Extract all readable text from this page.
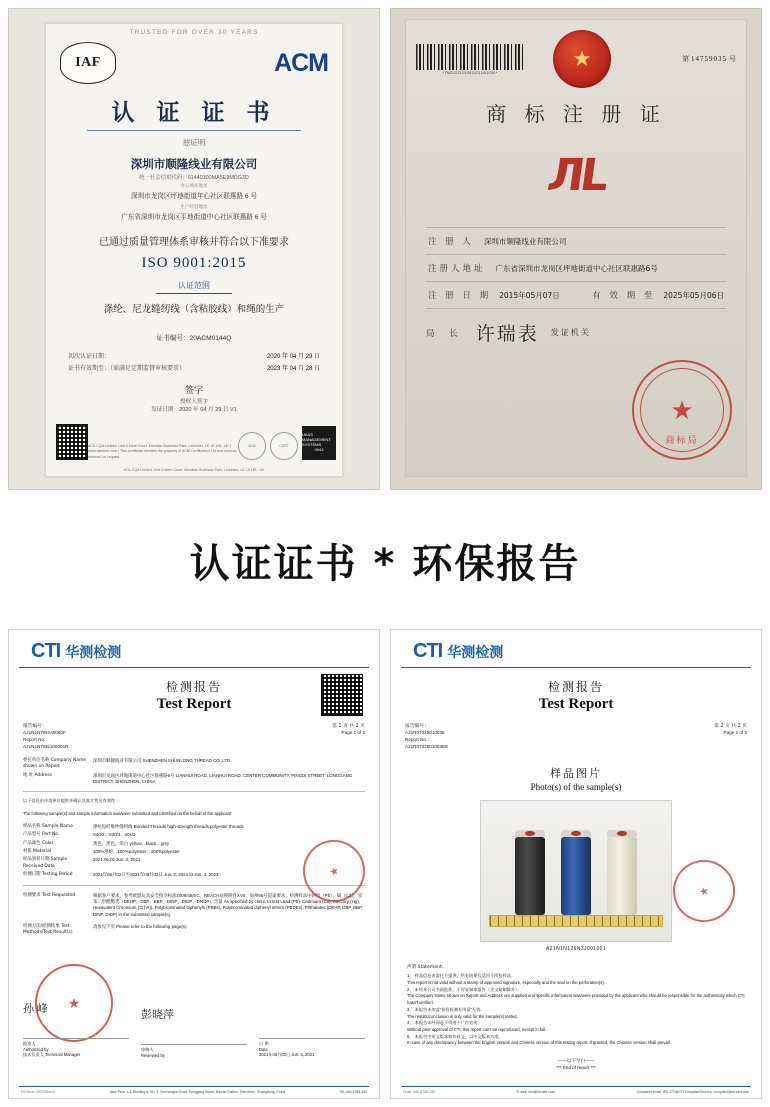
TRUSTED FOR OVER 30 YEARS
IAF	ACM
认 证 证 书
兹证明
深圳市顺隆线业有限公司
统一社会信用代码：91440300MA5E9MDG3D
办公场所地址
深圳市龙岗区坪地街道年心社区联惠路 6 号
生产经营地址
广东省深圳市龙岗区平地街道中心社区联惠路 6 号
已通过质量管理体系审核并符合以下准要求
ISO 9001:2015
认证范围
涤纶、尼龙缝纫线（含粘胶线）和绳的生产
证书编号：20ACM0144Q
初次认证日期：	2020 年 04 月 29 日
证书有效期至：（需满足定期监督审核要求）	2023 年 04 月 28 日
签字
授权人签字
发证日期：2020 年 04 月 29 日 V1
eCA-CQA Limited, Unit 5 Mere Court, Meridian Business Park, Leicester, LE 19 1RL, UK | www.acmcert.com | This certificate remains the property of ACM Certification Ltd and must be returned on request.
ACM	CERT
UKAS MANAGEMENT SYSTEMS
0043
eCA-CQA Limited, Unit 5 Mere Court, Meridian Business Park, Leicester, LE 19 1RL, UK
*TM20211250932011B1000*
★	第 14759035 号
商 标 注 册 证
ЛL
注 册 人 深圳市顺隆线业有限公司
注册人地址 广东省深圳市龙岗区坪地街道中心社区联惠路6号
注 册 日 期 2015年05月07日	有 效 期 至 2025年05月06日
局 长 许瑞表 发证机关
★
商标局
认证证书 * 环保报告
CTI 华测检测
检测报告
Test Report
报告编号：
A21N1N7IB4A0060F
Report No.：
A21N1N7IB5100001R
第 1 页 共 2 页
Page 1 of 2
委托单位名称 Company Name shown on Report
深圳市顺隆线业有限公司 SHENZHEN SHUNLONG THREAD CO.,LTD
地 址 Address	深圳市龙岗区坪地街道中心社区联惠路6号 LIANHUI ROAD, LIANHUI ROAD, CENTER COMMUNITY, PINGDI STREET, LONGGANG DISTRICT, SHENZHEN, CHINA
以下信息由申请单位提供并确认其真实性及有效性：
The following sample(s) and sample information was/were submitted and identified on the behalf of the applicant:
样品名称 Sample Name	涤纶短纤维纱缝纫线 Bonded Threads high-strength threads polyester threads
产品型号 Part No.	S40/2、S20/3、40s/2
产品颜色 Color	黄色、黑色、米白 yellow、black、grey
材质 Material	100%涤纶、100%polyester、100%polyester
样品到样日期 Sample Received Date
2021.06.02 Jun. 2, 2021
检测日期 Testing Period	2021年06月02日至2021年06月03日 Jun. 2, 2021 to Jun. 3, 2021
检测要求 Test Requested	根据客户要求，参考欧盟玩具安全指令标准2009/48/EC、REACH法规附件XVII、加州65号提案要求，检测样品中的铅（Pb）、镉（Cd）、邻苯二甲酸酯类（DEHP、DBP、BBP、DINP、DIDP、DNOP）含量 As specified by client, to test Lead (Pb), Cadmium (Cd), Mercury (Hg), Hexavalent Chromium (Cr(VI)), Polybrominated biphenyls (PBBs), Polybrominated diphenyl ethers (PBDEs), Phthalates (DEHP, DBP, BBP, DINP, DIDP) in the submitted sample(s).
检测方法/检测结果 Test Methods/Test Result(s)
请参见下页 Please refer to the following page(s).
★
★
孙 峰
批准人
Authorized by
技术负责人 Technical Manager
彭晓萍
审核人
Reviewed by
日 期
Date
2021年06月03日 Jun. 3, 2021
FK-Bx-xx-2020 Rev0.0	Add: Floor 1-3, Building A, No. 3, Xinzhongtai Road, Songgang Street, Bao'an District, Shenzhen, Guangdong, China	Tel: 400-6788-333
CTI 华测检测
检测报告
Test Report
报告编号：
A21R0732501003E
Report No.：
A21R0732501003EE
第 2 页 共 2 页
Page 2 of 2
样品图片
Photo(s) of the sample(s)
A21N1N129N3J001001
声明 Statement:
1、 样品信息由委托方提供，所有结果仅适用于所检样品。
This report is not valid without a stamp of approved signature, especially and the seal on the perforation(s).
2、 未经本公司书面批准，不得复制本报告（全文复制除外）。
The Company Name shown on Report and Address are supplied and specific information was/were provided by the applicant who should be responsible for the authenticity which CTI hasn't verified.
3、 本报告未加盖“检验检测专用章”无效。
The results/conclusion is only valid for the sample(s) tested.
4、 本报告未经同意不得用于广告宣传。
Without prior approval of CTI, this report can't be reproduced, except in full.
5、 本报告中英文版本如有歧义，以中文版本为准。
In case of any discrepancy between the English version and Chinese version of this testing report, if granted, the Chinese version shall prevail.
——以下空白——
*** End of report ***
★
Order: 400-6789-333	E-mail: info@cti-cert.com	Complaint email: IPD-CTI@CTI Compliant/Survey: complaint@cti-cert.com
